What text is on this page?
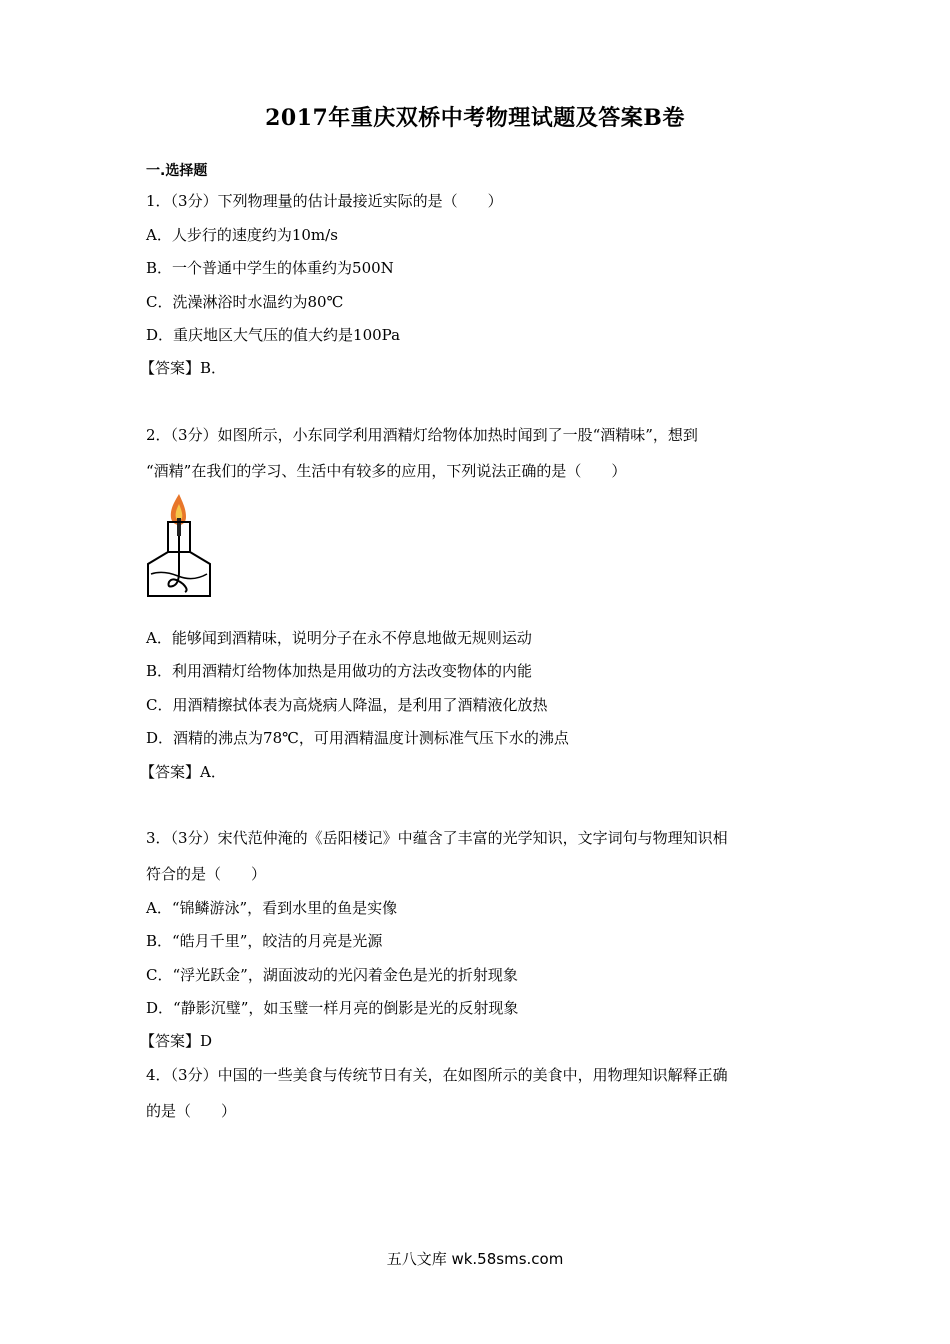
2017年重庆双桥中考物理试题及答案B卷
一.选择题
1．（3分）下列物理量的估计最接近实际的是（　　）
A．人步行的速度约为10m/s
B．一个普通中学生的体重约为500N
C．洗澡淋浴时水温约为80℃
D．重庆地区大气压的值大约是100Pa
【答案】B．
2．（3分）如图所示，小东同学利用酒精灯给物体加热时闻到了一股“酒精味”，想到
“酒精”在我们的学习、生活中有较多的应用，下列说法正确的是（　　）
A．能够闻到酒精味，说明分子在永不停息地做无规则运动
B．利用酒精灯给物体加热是用做功的方法改变物体的内能
C．用酒精擦拭体表为高烧病人降温，是利用了酒精液化放热
D．酒精的沸点为78℃，可用酒精温度计测标准气压下水的沸点
【答案】A．
3．（3分）宋代范仲淹的《岳阳楼记》中蕴含了丰富的光学知识，文字词句与物理知识相
符合的是（　　）
A．“锦鳞游泳”，看到水里的鱼是实像
B．“皓月千里”，皎洁的月亮是光源
C．“浮光跃金”，湖面波动的光闪着金色是光的折射现象
D．“静影沉璧”，如玉璧一样月亮的倒影是光的反射现象
【答案】D
4．（3分）中国的一些美食与传统节日有关，在如图所示的美食中，用物理知识解释正确
的是（　　）
五八文库 wk.58sms.com
